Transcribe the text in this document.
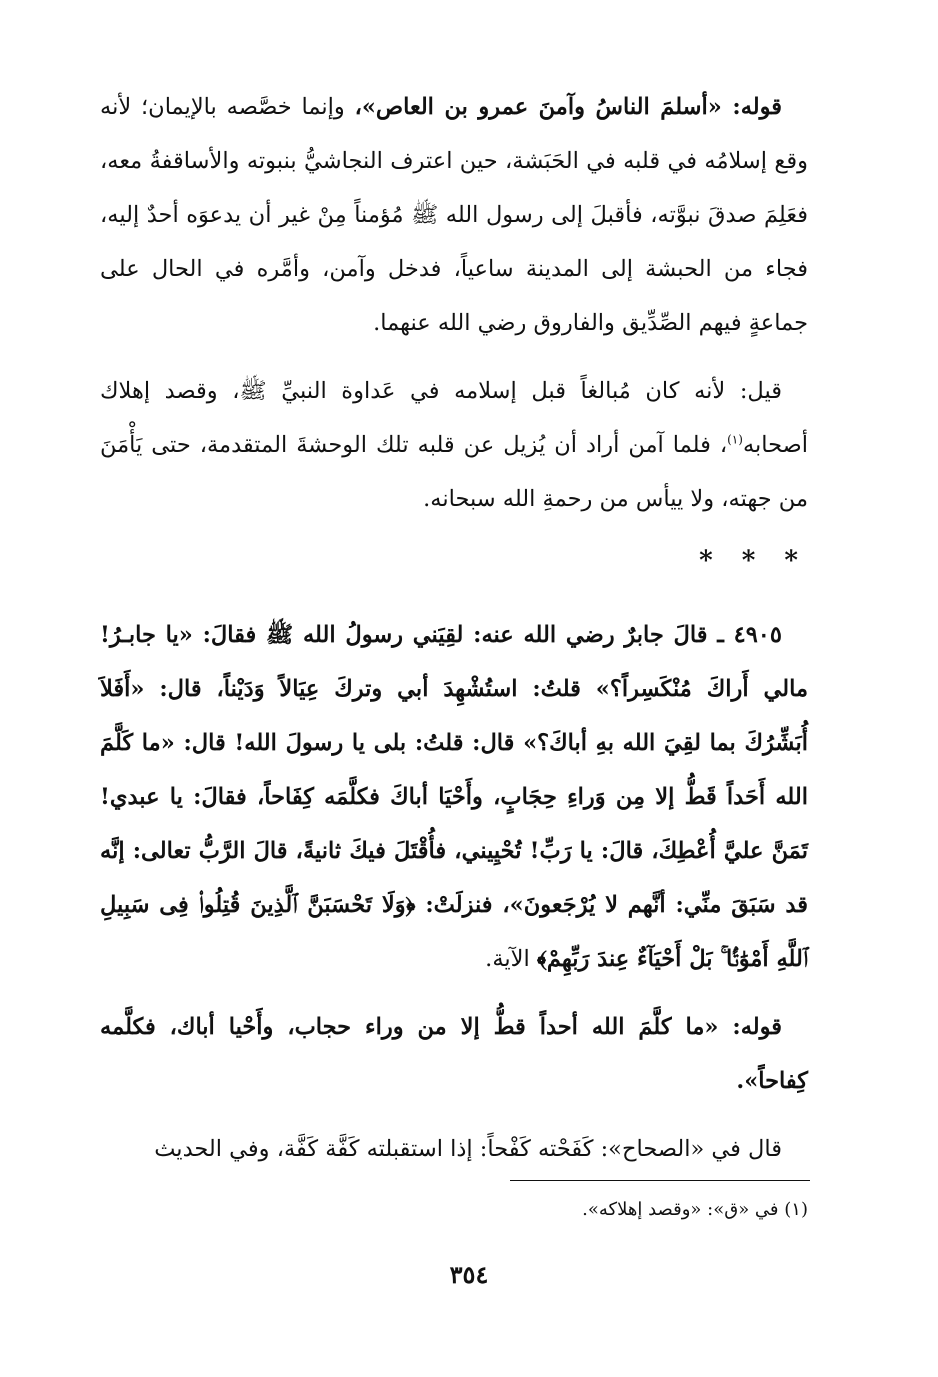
قوله: «أسلمَ الناسُ وآمنَ عمرو بن العاص»، وإنما خصَّصه بالإيمان؛ لأنه وقع إسلامُه في قلبه في الحَبَشة، حين اعترف النجاشيُّ بنبوته والأساقفةُ معه، فعَلِمَ صدقَ نبوَّته، فأقبلَ إلى رسول الله ﷺ مُؤمناً مِنْ غير أن يدعوَه أحدٌ إليه، فجاء من الحبشة إلى المدينة ساعياً، فدخل وآمن، وأمَّره في الحال على جماعةٍ فيهم الصِّدِّيق والفاروق رضي الله عنهما.

قيل: لأنه كان مُبالغاً قبل إسلامه في عَداوة النبيِّ ﷺ، وقصد إهلاك أصحابه$^{(١)}$، فلما آمن أراد أن يُزيل عن قلبه تلك الوحشةَ المتقدمة، حتى يَأْمَنَ من جهته، ولا ييأس من رحمةِ الله سبحانه.

* * *

٤٩٠٥ ـ قالَ جابرٌ رضي الله عنه: لقِيَني رسولُ الله ﷺ فقالَ: «يا جابـرُ! مالي أَراكَ مُنْكَسِراً؟» قلتُ: استُشْهِدَ أبي وتركَ عِيَالاً وَدَيْناً، قال: «أَفَلاَ أُبَشِّرُكَ بما لقِيَ الله بهِ أباكَ؟» قال: قلتُ: بلى يا رسولَ الله! قال: «ما كَلَّمَ الله أَحَداً قَطُّ إلا مِن وَراءِ حِجَابٍ، وأَحْيَا أباكَ فكلَّمَه كِفَاحاً، فقالَ: يا عبدي! تَمَنَّ عليَّ أُعْطِكَ، قالَ: يا رَبِّ! تُحْيِيني، فأُقْتَلَ فيكَ ثانيةً، قالَ الرَّبُّ تعالى: إنَّه قد سَبَقَ منِّي: أنَّهم لا يُرْجَعونَ»، فنزلَتْ: ﴿وَلَا تَحْسَبَنَّ ٱلَّذِينَ قُتِلُوا۟ فِى سَبِيلِ ٱللَّهِ أَمْوَٰتًۢا ۚ بَلْ أَحْيَآءٌ عِندَ رَبِّهِمْ﴾ الآية.

قوله: «ما كلَّمَ الله أحداً قطُّ إلا من وراء حجاب، وأَحْيا أباك، فكلَّمه كِفاحاً».

قال في «الصحاح»: كَفَحْته كَفْحاً: إذا استقبلته كَفَّة كَفَّة، وفي الحديث

(١) في «ق»: «وقصد إهلاكه».
٣٥٤
